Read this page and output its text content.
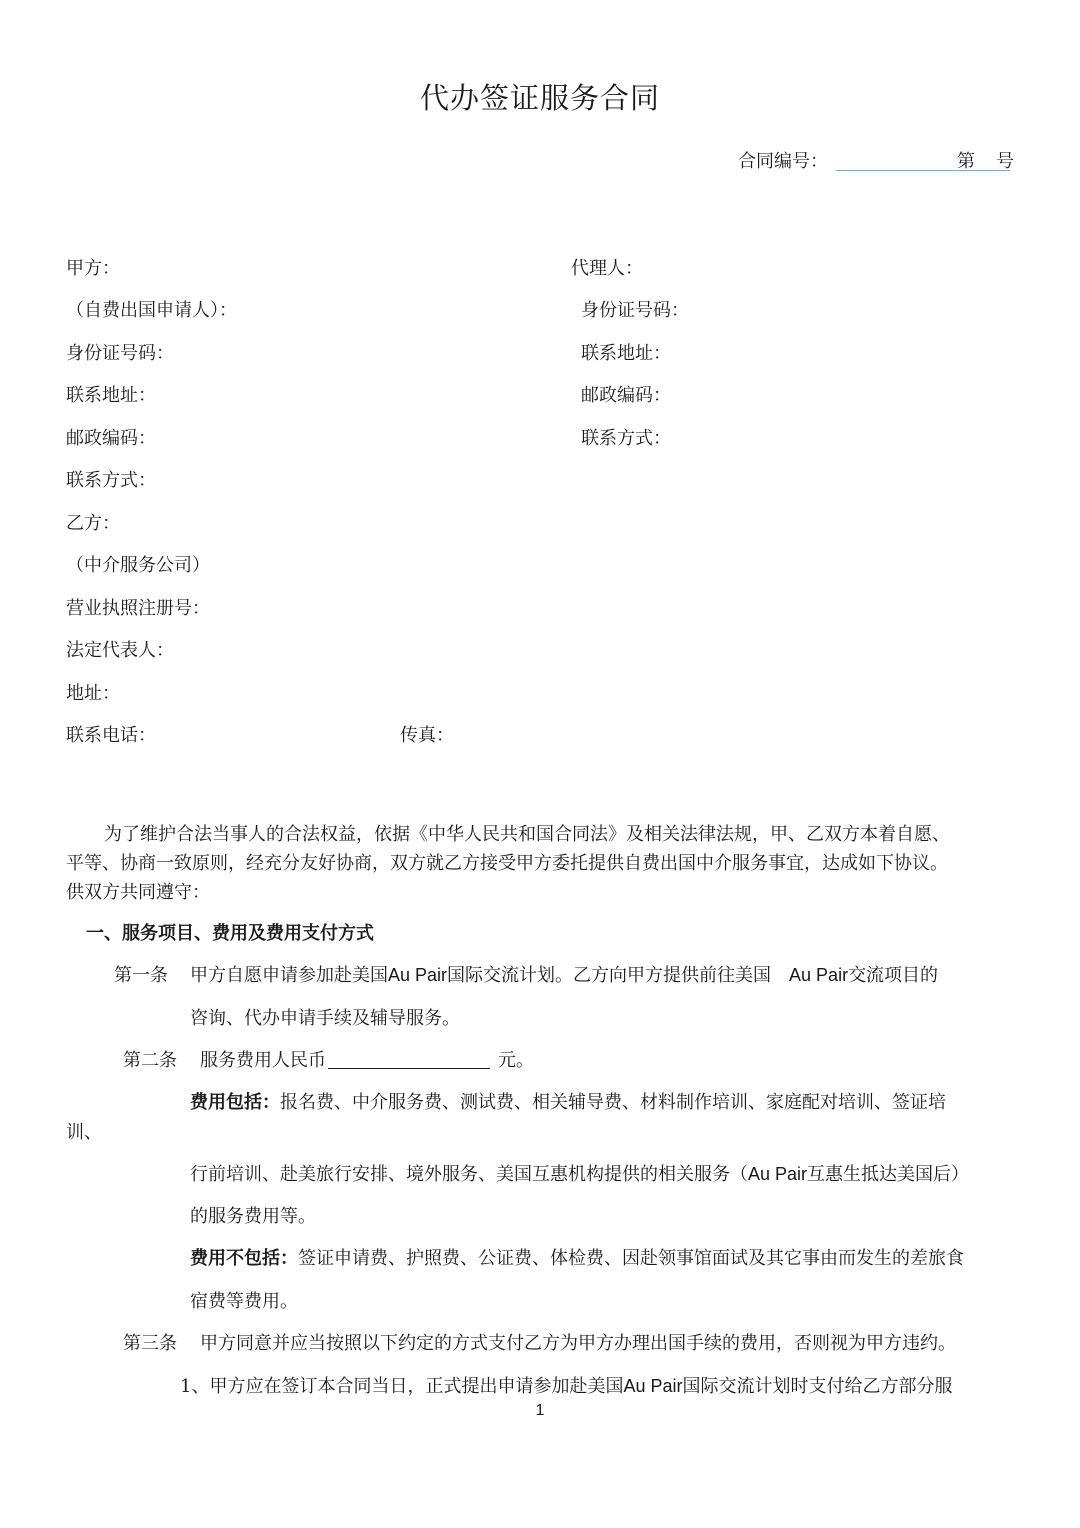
代办签证服务合同
合同编号：	第 号
甲方：
（自费出国申请人）：
身份证号码：
联系地址：
邮政编码：
联系方式：
代理人：
身份证号码：
联系地址：
邮政编码：
联系方式：
乙方：
（中介服务公司）
营业执照注册号：
法定代表人：
地址：
联系电话：	传真：
为了维护合法当事人的合法权益，依据《中华人民共和国合同法》及相关法律法规，甲、乙双方本着自愿、
平等、协商一致原则，经充分友好协商，双方就乙方接受甲方委托提供自费出国中介服务事宜，达成如下协议。
供双方共同遵守：
一、服务项目、费用及费用支付方式
第一条 甲方自愿申请参加赴美国Au Pair国际交流计划。乙方向甲方提供前往美国 Au Pair交流项目的
咨询、代办申请手续及辅导服务。
第二条 服务费用人民币	元。
费用包括：报名费、中介服务费、测试费、相关辅导费、材料制作培训、家庭配对培训、签证培
训、
行前培训、赴美旅行安排、境外服务、美国互惠机构提供的相关服务（Au Pair互惠生抵达美国后）
的服务费用等。
费用不包括：签证申请费、护照费、公证费、体检费、因赴领事馆面试及其它事由而发生的差旅食
宿费等费用。
第三条 甲方同意并应当按照以下约定的方式支付乙方为甲方办理出国手续的费用，否则视为甲方违约。
1、甲方应在签订本合同当日，正式提出申请参加赴美国Au Pair国际交流计划时支付给乙方部分服
1
